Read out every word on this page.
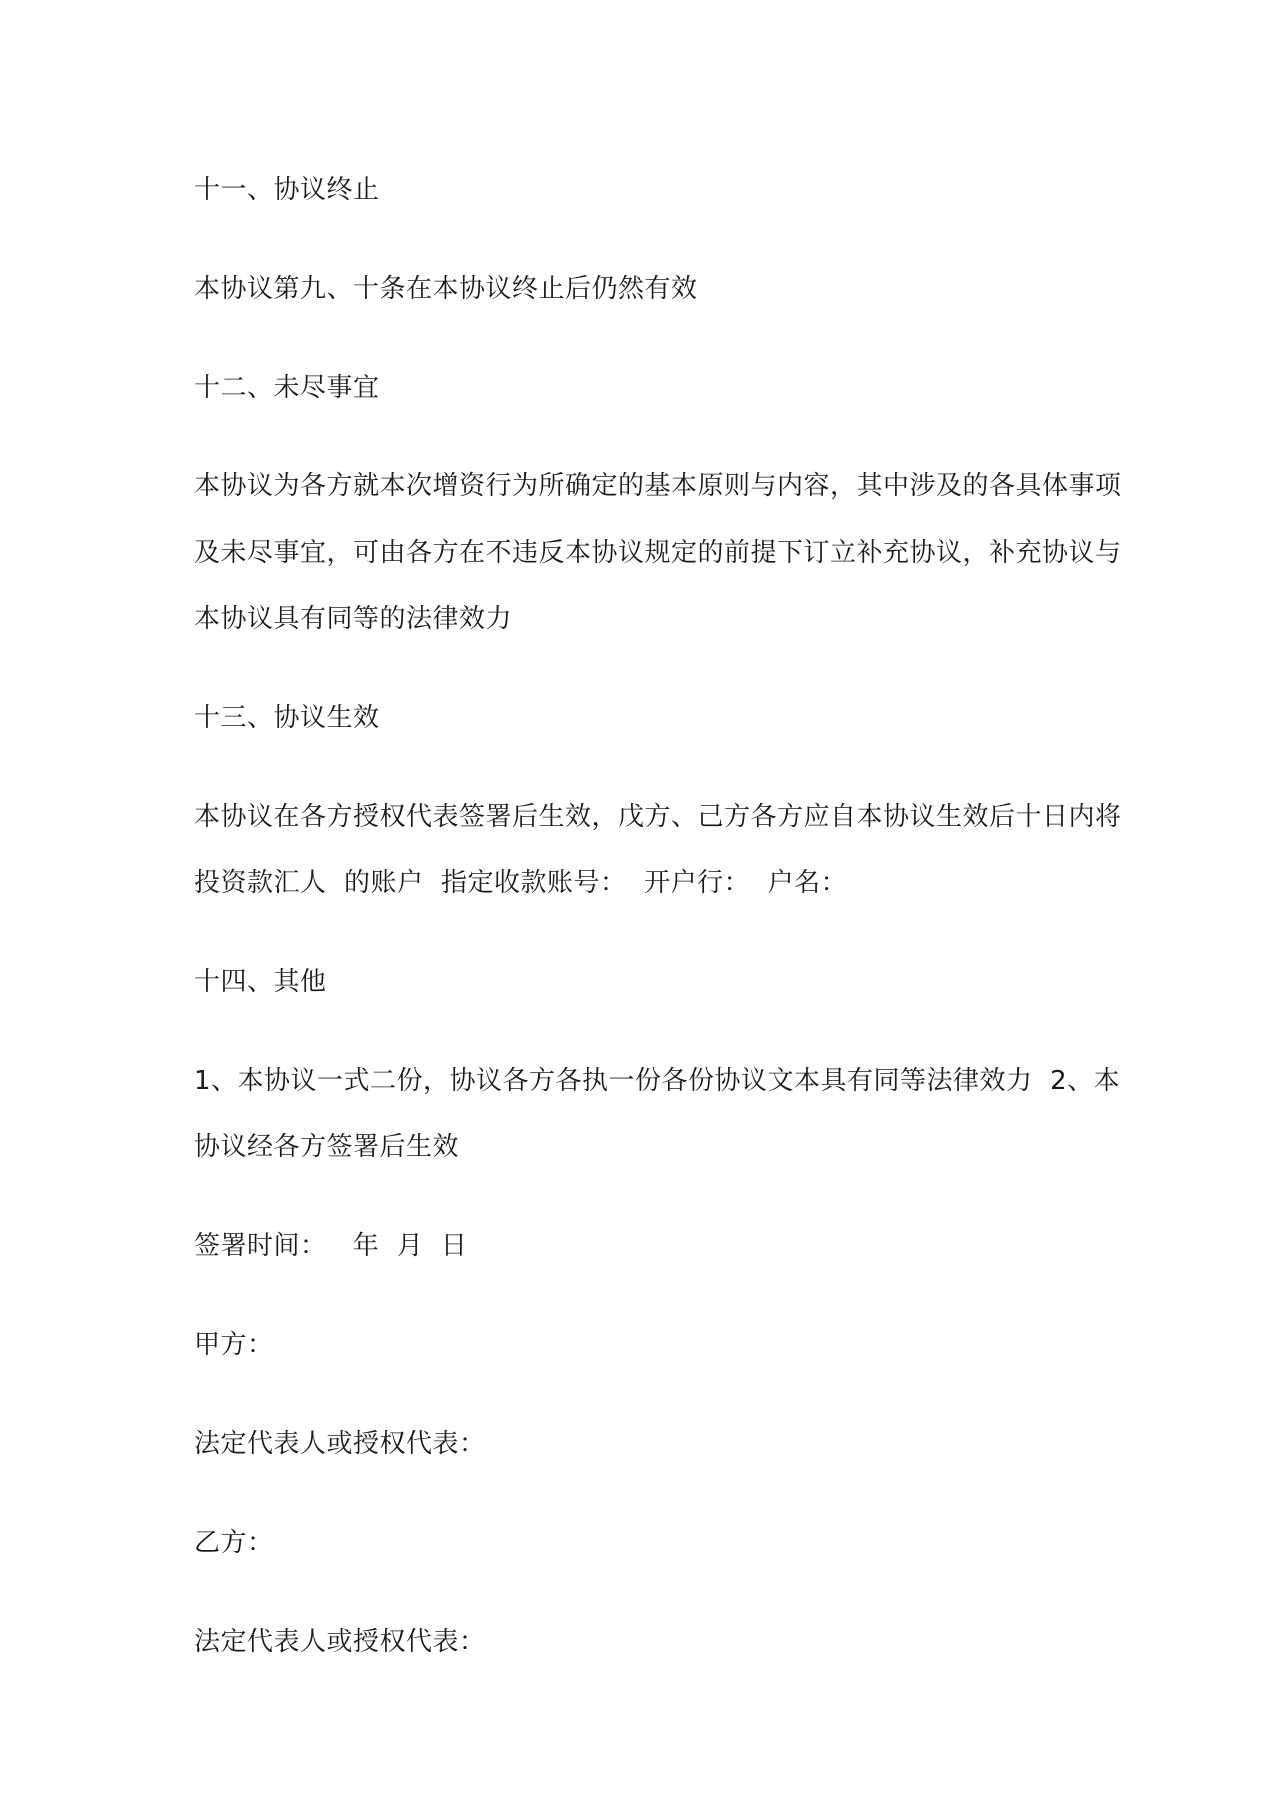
十一、协议终止

本协议第九、十条在本协议终止后仍然有效

十二、未尽事宜

本协议为各方就本次增资行为所确定的基本原则与内容，其中涉及的各具体事项

及未尽事宜，可由各方在不违反本协议规定的前提下订立补充协议，补充协议与

本协议具有同等的法律效力

十三、协议生效

本协议在各方授权代表签署后生效，戊方、己方各方应自本协议生效后十日内将

投资款汇人  的账户  指定收款账号：  开户行：  户名：

十四、其他

1、本协议一式二份，协议各方各执一份各份协议文本具有同等法律效力  2、本

协议经各方签署后生效

签署时间：   年  月  日

甲方：

法定代表人或授权代表：

乙方：

法定代表人或授权代表：
